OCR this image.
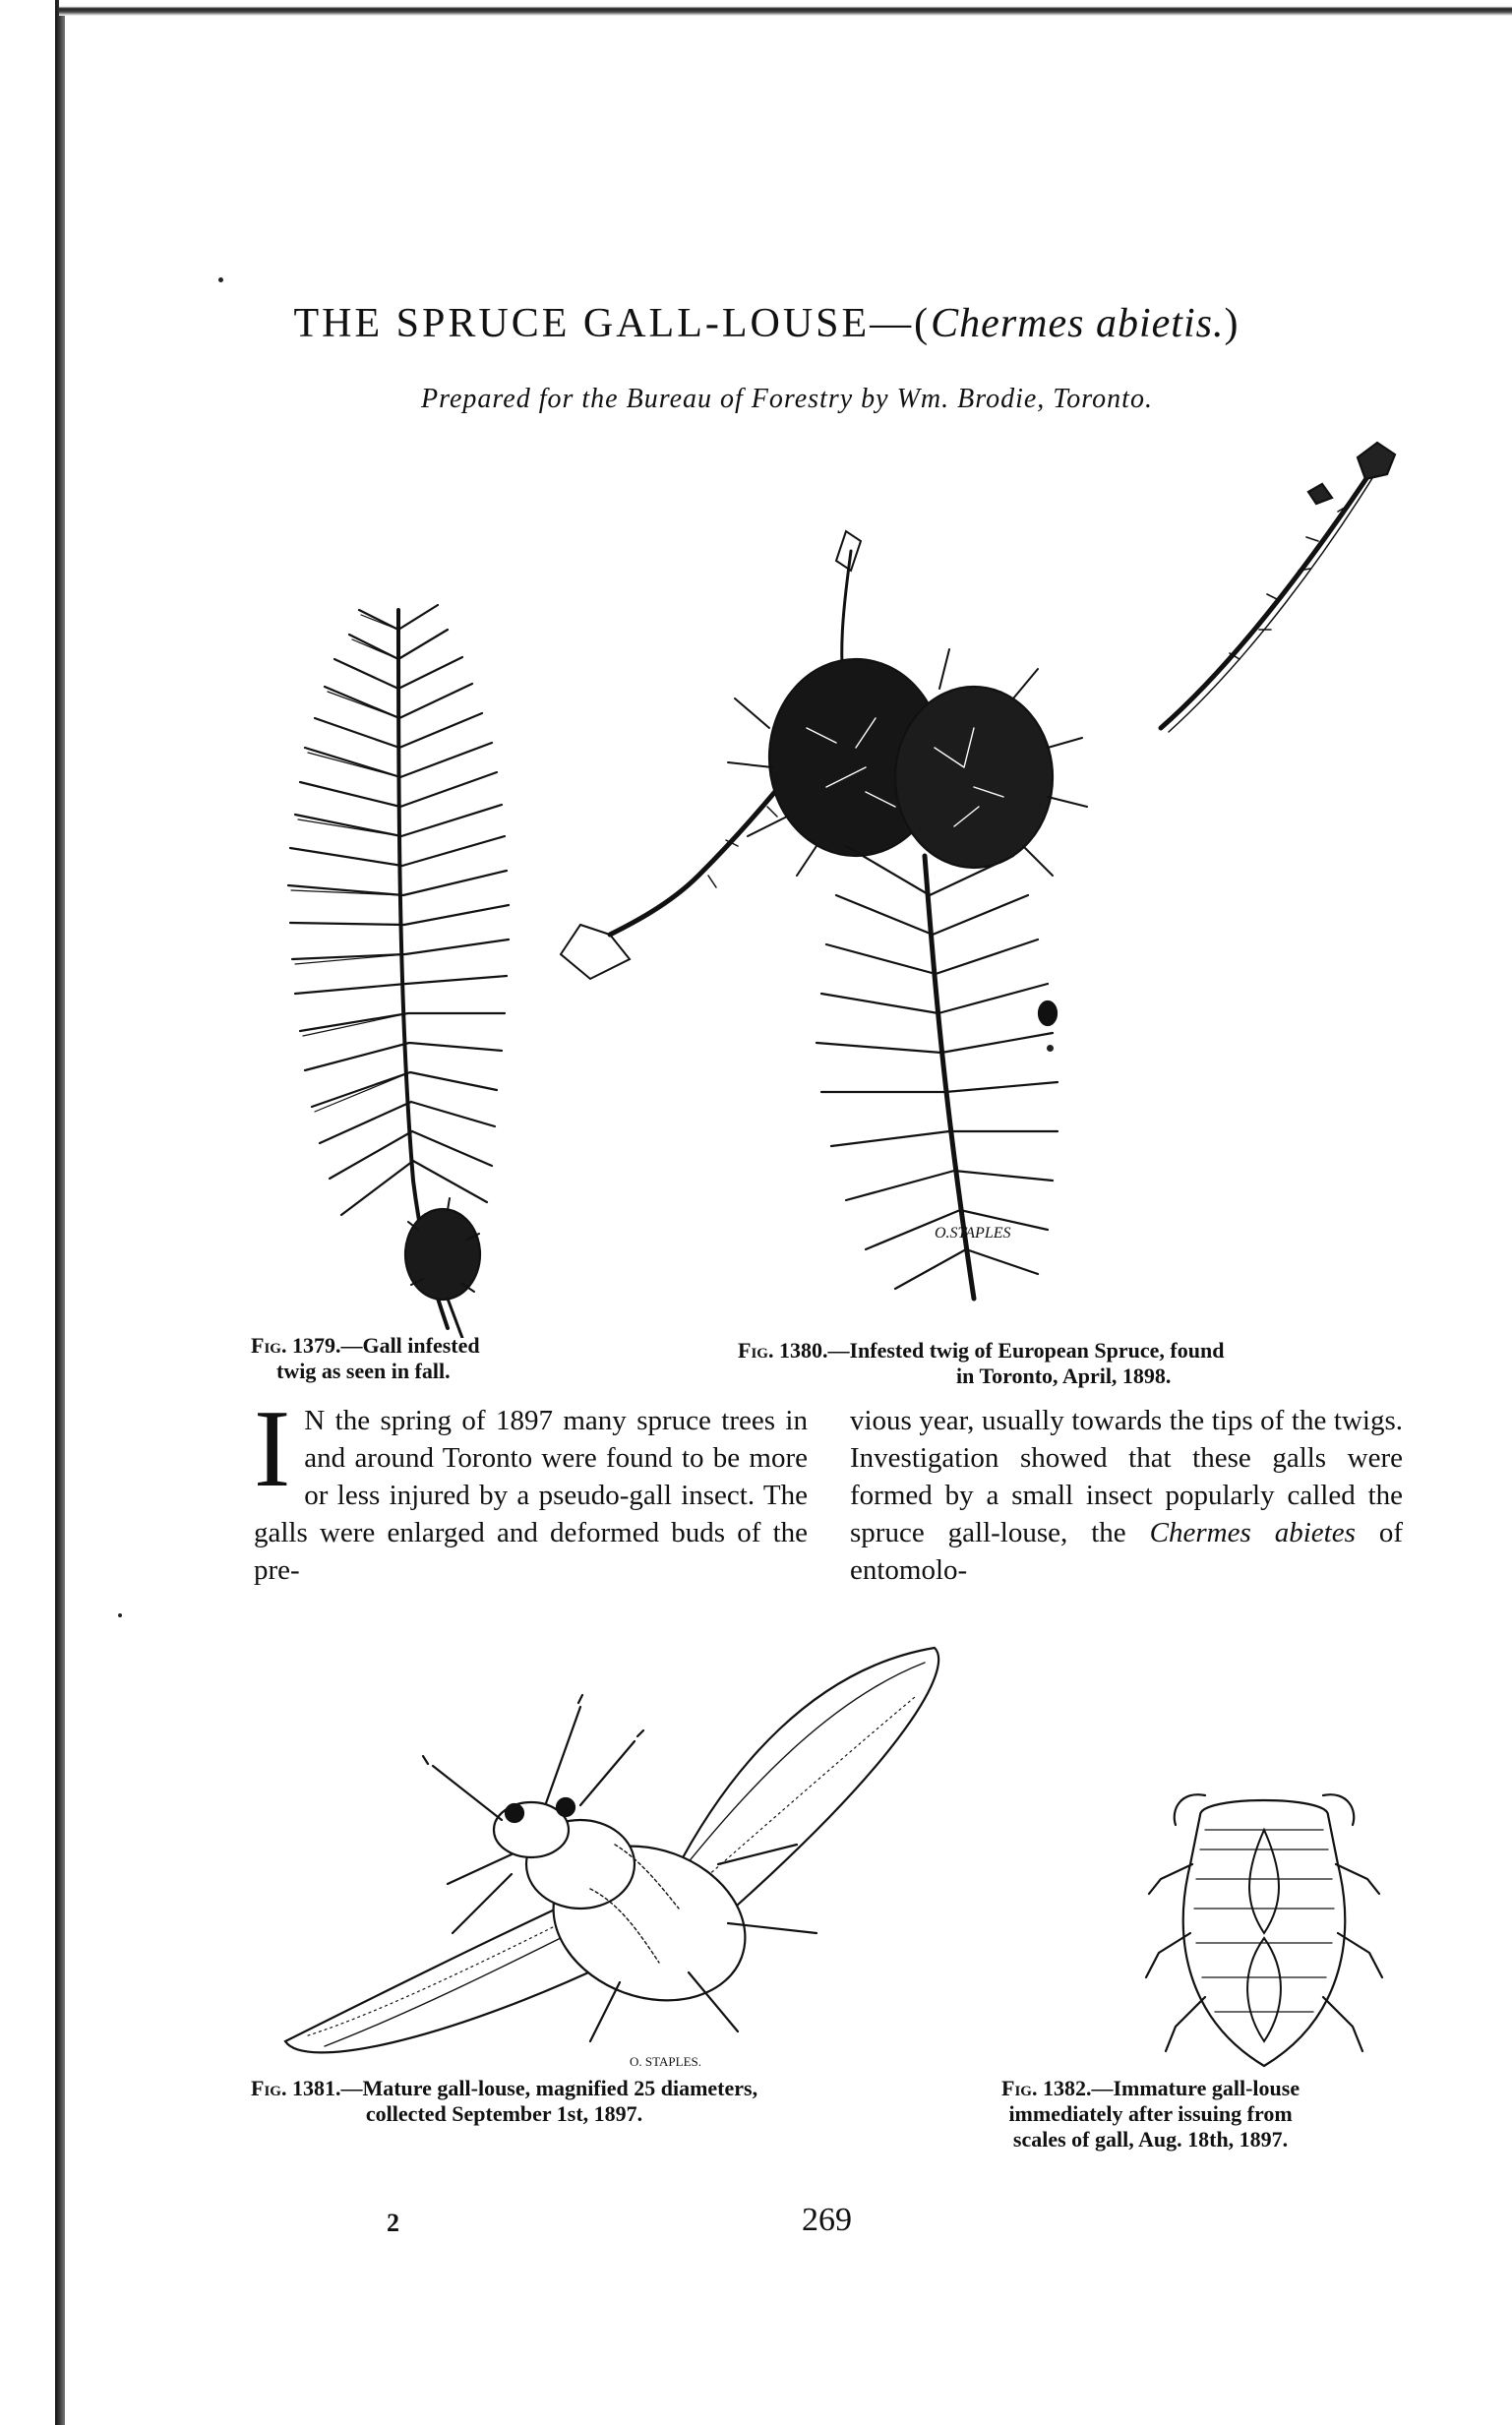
THE SPRUCE GALL-LOUSE—(Chermes abietis.)
Prepared for the Bureau of Forestry by Wm. Brodie, Toronto.
O.STAPLES
Fig. 1379.—Gall infested
twig as seen in fall.
Fig. 1380.—Infested twig of European Spruce, found
in Toronto, April, 1898.

I N the spring of 1897 many spruce trees in and around Toronto were found to be more or less injured by a pseudo-gall insect. The galls were enlarged and deformed buds of the pre-

vious year, usually towards the tips of the twigs. Investigation showed that these galls were formed by a small insect popularly called the spruce gall-louse, the Chermes abietes of entomolo-

O. STAPLES.
Fig. 1381.—Mature gall-louse, magnified 25 diameters,
collected September 1st, 1897.
Fig. 1382.—Immature gall-louse
immediately after issuing from
scales of gall, Aug. 18th, 1897.
2	269
